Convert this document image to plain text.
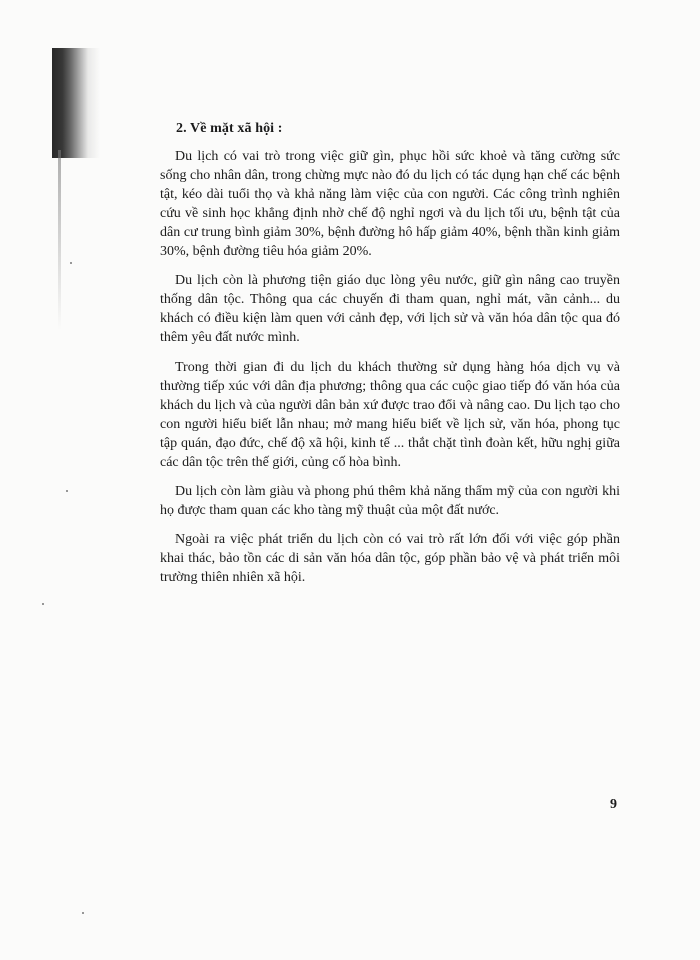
2. Về mặt xã hội :

Du lịch có vai trò trong việc giữ gìn, phục hồi sức khoẻ và tăng cường sức sống cho nhân dân, trong chừng mực nào đó du lịch có tác dụng hạn chế các bệnh tật, kéo dài tuổi thọ và khả năng làm việc của con người. Các công trình nghiên cứu về sinh học khẳng định nhờ chế độ nghỉ ngơi và du lịch tối ưu, bệnh tật của dân cư trung bình giảm 30%, bệnh đường hô hấp giảm 40%, bệnh thần kinh giảm 30%, bệnh đường tiêu hóa giảm 20%.

Du lịch còn là phương tiện giáo dục lòng yêu nước, giữ gìn nâng cao truyền thống dân tộc. Thông qua các chuyến đi tham quan, nghỉ mát, vãn cảnh... du khách có điều kiện làm quen với cảnh đẹp, với lịch sử và văn hóa dân tộc qua đó thêm yêu đất nước mình.

Trong thời gian đi du lịch du khách thường sử dụng hàng hóa dịch vụ và thường tiếp xúc với dân địa phương; thông qua các cuộc giao tiếp đó văn hóa của khách du lịch và của người dân bản xứ được trao đổi và nâng cao. Du lịch tạo cho con người hiểu biết lẫn nhau; mở mang hiểu biết về lịch sử, văn hóa, phong tục tập quán, đạo đức, chế độ xã hội, kinh tế ... thắt chặt tình đoàn kết, hữu nghị giữa các dân tộc trên thế giới, củng cố hòa bình.

Du lịch còn làm giàu và phong phú thêm khả năng thẩm mỹ của con người khi họ được tham quan các kho tàng mỹ thuật của một đất nước.

Ngoài ra việc phát triển du lịch còn có vai trò rất lớn đối với việc góp phần khai thác, bảo tồn các di sản văn hóa dân tộc, góp phần bảo vệ và phát triển môi trường thiên nhiên xã hội.

9
